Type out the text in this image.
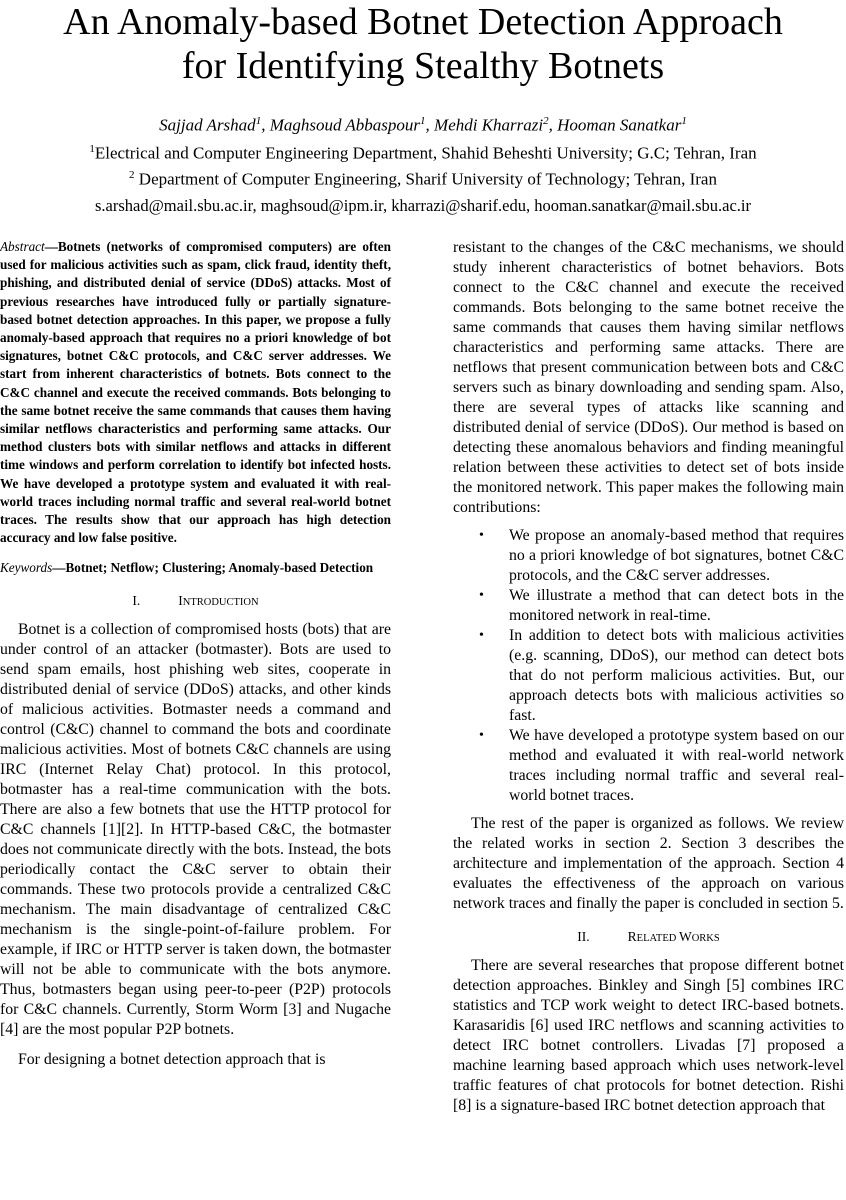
An Anomaly-based Botnet Detection Approach
for Identifying Stealthy Botnets
Sajjad Arshad$^1$, Maghsoud Abbaspour$^1$, Mehdi Kharrazi$^2$, Hooman Sanatkar$^1$
$^1$Electrical and Computer Engineering Department, Shahid Beheshti University; G.C; Tehran, Iran
$^2$ Department of Computer Engineering, Sharif University of Technology; Tehran, Iran
s.arshad@mail.sbu.ac.ir, maghsoud@ipm.ir, kharrazi@sharif.edu, hooman.sanatkar@mail.sbu.ac.ir

Abstract—Botnets (networks of compromised computers) are often used for malicious activities such as spam, click fraud, identity theft, phishing, and distributed denial of service (DDoS) attacks. Most of previous researches have introduced fully or partially signature-based botnet detection approaches. In this paper, we propose a fully anomaly-based approach that requires no a priori knowledge of bot signatures, botnet C&C protocols, and C&C server addresses. We start from inherent characteristics of botnets. Bots connect to the C&C channel and execute the received commands. Bots belonging to the same botnet receive the same commands that causes them having similar netflows characteristics and performing same attacks. Our method clusters bots with similar netflows and attacks in different time windows and perform correlation to identify bot infected hosts. We have developed a prototype system and evaluated it with real-world traces including normal traffic and several real-world botnet traces. The results show that our approach has high detection accuracy and low false positive.

Keywords—Botnet; Netflow; Clustering; Anomaly-based Detection

I.	INTRODUCTION

Botnet is a collection of compromised hosts (bots) that are under control of an attacker (botmaster). Bots are used to send spam emails, host phishing web sites, cooperate in distributed denial of service (DDoS) attacks, and other kinds of malicious activities. Botmaster needs a command and control (C&C) channel to command the bots and coordinate malicious activities. Most of botnets C&C channels are using IRC (Internet Relay Chat) protocol. In this protocol, botmaster has a real-time communication with the bots. There are also a few botnets that use the HTTP protocol for C&C channels [1][2]. In HTTP-based C&C, the botmaster does not communicate directly with the bots. Instead, the bots periodically contact the C&C server to obtain their commands. These two protocols provide a centralized C&C mechanism. The main disadvantage of centralized C&C mechanism is the single-point-of-failure problem. For example, if IRC or HTTP server is taken down, the botmaster will not be able to communicate with the bots anymore. Thus, botmasters began using peer-to-peer (P2P) protocols for C&C channels. Currently, Storm Worm [3] and Nugache [4] are the most popular P2P botnets.

For designing a botnet detection approach that is

resistant to the changes of the C&C mechanisms, we should study inherent characteristics of botnet behaviors. Bots connect to the C&C channel and execute the received commands. Bots belonging to the same botnet receive the same commands that causes them having similar netflows characteristics and performing same attacks. There are netflows that present communication between bots and C&C servers such as binary downloading and sending spam. Also, there are several types of attacks like scanning and distributed denial of service (DDoS). Our method is based on detecting these anomalous behaviors and finding meaningful relation between these activities to detect set of bots inside the monitored network. This paper makes the following main contributions:

• We propose an anomaly-based method that requires no a priori knowledge of bot signatures, botnet C&C protocols, and the C&C server addresses.
• We illustrate a method that can detect bots in the monitored network in real-time.
• In addition to detect bots with malicious activities (e.g. scanning, DDoS), our method can detect bots that do not perform malicious activities. But, our approach detects bots with malicious activities so fast.
• We have developed a prototype system based on our method and evaluated it with real-world network traces including normal traffic and several real-world botnet traces.

The rest of the paper is organized as follows. We review the related works in section 2. Section 3 describes the architecture and implementation of the approach. Section 4 evaluates the effectiveness of the approach on various network traces and finally the paper is concluded in section 5.

II.	RELATED WORKS

There are several researches that propose different botnet detection approaches. Binkley and Singh [5] combines IRC statistics and TCP work weight to detect IRC-based botnets. Karasaridis [6] used IRC netflows and scanning activities to detect IRC botnet controllers. Livadas [7] proposed a machine learning based approach which uses network-level traffic features of chat protocols for botnet detection. Rishi [8] is a signature-based IRC botnet detection approach that
